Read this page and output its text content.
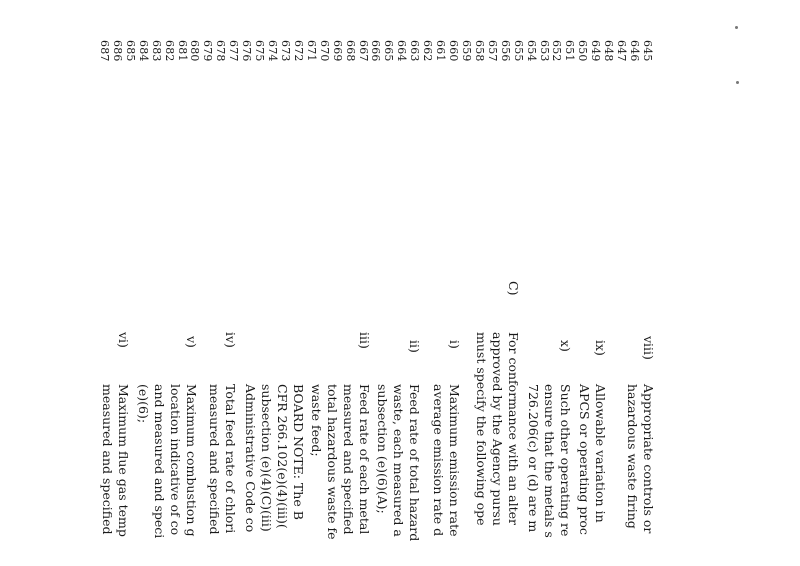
645
646
647
648
649
650
651
652
653
654
655
656
657
658
659
660
661
662
663
664
665
666
667
668
669
670
671
672
673
674
675
676
677
678
679
680
681
682
683
684
685
686
687
viii)
ix)
x)
C)
i)
ii)
iii)
iv)
v)
vi)
Appropriate controls or
hazardous waste firing
Allowable variation in
APCS or operating proc
Such other operating re
ensure that the metals s
726.206(c) or (d) are m
For conformance with an alter
approved by the Agency pursu
must specify the following ope
Maximum emission rate
average emission rate d
Feed rate of total hazard
waste, each measured a
subsection (e)(6)(A);
Feed rate of each metal
measured and specified
total hazardous waste fe
waste feed;
BOARD NOTE: The B
CFR 266.102(e)(4)(iii)(
subsection (e)(4)(C)(iii)
Administrative Code co
Total feed rate of chlori
measured and specified
Maximum combustion g
location indicative of co
and measured and speci
(e)(6);
Maximum flue gas temp
measured and specified
